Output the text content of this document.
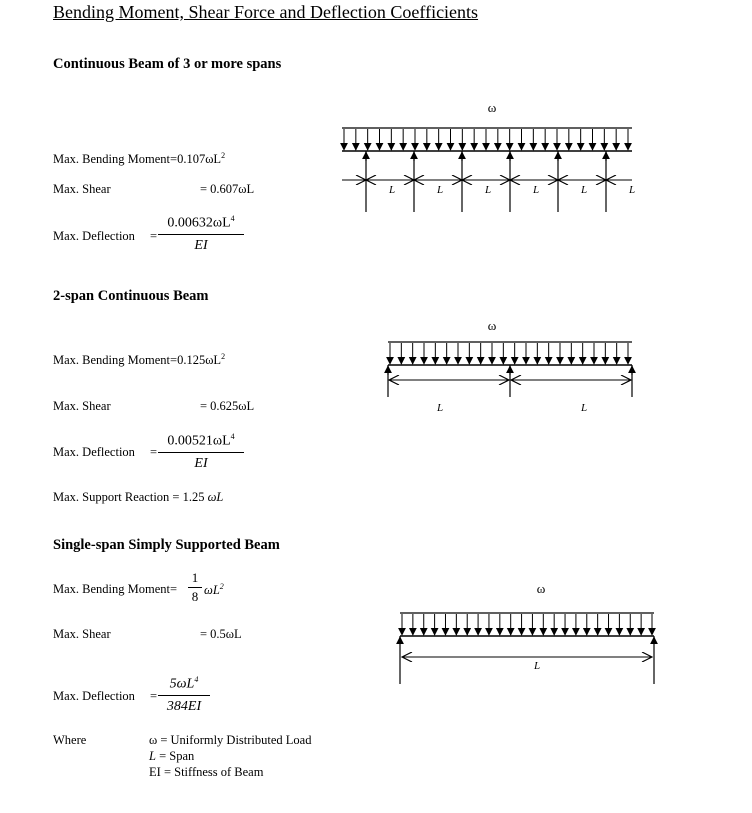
Bending Moment, Shear Force and Deflection Coefficients
Continuous Beam of 3 or more spans
Max. Bending $Moment=0.107\omega L^2$
Max. Shear	= 0.607ωL
Max. Deflection = $\frac{0.00632\omega L^4}{EI}$
2-span Continuous Beam
Max. Bending $Moment=0.125\omega L^2$
Max. Shear	= 0.625ωL
Max. Deflection = $\frac{0.00521\omega L^4}{EI}$
Max. Support Reaction = 1.25 ωL
Single-span Simply Supported Beam
Max. Bending Moment= $\frac{1}{8} \omega L^2$
Max. Shear	= 0.5ωL
Max. Deflection = $\frac{5\omega L^4}{384EI}$
Where	ω = Uniformly Distributed Load
L = Span
EI = Stiffness of Beam
ω
L	L	L	L	L	L
ω
L	L
ω
L
